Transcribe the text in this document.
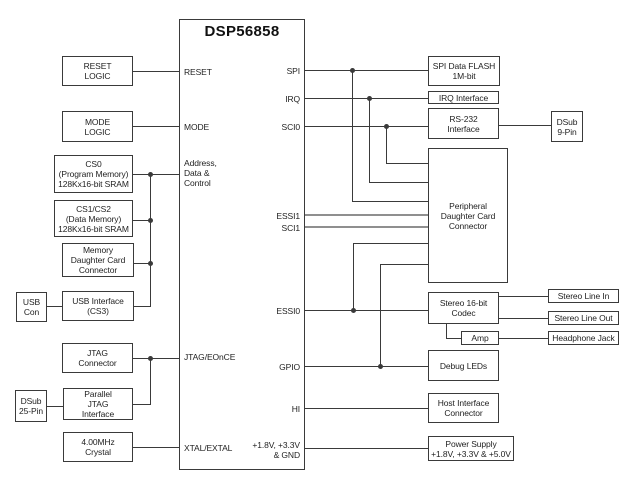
RESET
LOGIC
MODE
LOGIC
CS0
(Program Memory)
128Kx16-bit SRAM
CS1/CS2
(Data Memory)
128Kx16-bit SRAM
Memory
Daughter Card
Connector
USB
Con
USB Interface
(CS3)
JTAG
Connector
DSub
25-Pin
Parallel
JTAG
Interface
4.00MHz
Crystal
SPI Data FLASH
1M-bit
IRQ Interface
RS-232
Interface
DSub
9-Pin
Peripheral
Daughter Card
Connector
Stereo 16-bit
Codec
Stereo Line In
Stereo Line Out
Amp	Headphone Jack
Debug LEDs
Host Interface
Connector
Power Supply
+1.8V, +3.3V & +5.0V
DSP56858
RESET
MODE
Address,
Data &
Control
JTAG/EOnCE
XTAL/EXTAL
SPI
IRQ
SCI0
ESSI1
SCI1
ESSI0
GPIO
HI
+1.8V, +3.3V
& GND
